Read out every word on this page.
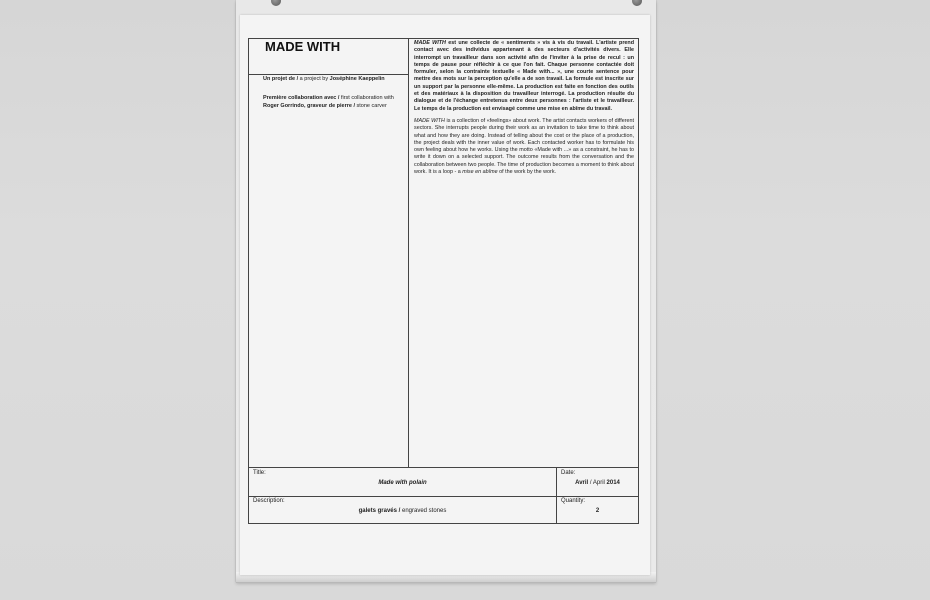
MADE WITH
Un projet de / a project by Joséphine Kaeppelin
Première collaboration avec / first collaboration with
Roger Gorrindo, graveur de pierre / stone carver

MADE WITH est une collecte de « sentiments » vis à vis du travail. L'artiste prend contact avec des individus appartenant à des secteurs d'activités divers. Elle interrompt un travailleur dans son activité afin de l'inviter à la prise de recul : un temps de pause pour réfléchir à ce que l'on fait. Chaque personne contactée doit formuler, selon la contrainte textuelle « Made with... », une courte sentence pour mettre des mots sur la perception qu'elle a de son travail. La formule est inscrite sur un support par la personne elle-même. La production est faite en fonction des outils et des matériaux à la disposition du travailleur interrogé. La production résulte du dialogue et de l'échange entretenus entre deux personnes : l'artiste et le travailleur. Le temps de la production est envisagé comme une mise en abîme du travail.

MADE WITH is a collection of «feelings» about work. The artist contacts workers of different sectors. She interrupts people during their work as an invitation to take time to think about what and how they are doing. Instead of telling about the cost or the place of a production, the project deals with the inner value of work. Each contacted worker has to formulate his own feeling about how he works. Using the motto «Made with ...» as a constraint, he has to write it down on a selected support. The outcome results from the conversation and the collaboration between two people. The time of production becomes a moment to think about work. It is a loop - a mise en abîme of the work by the work.

Title:
Made with polain
Date:
Avril / April 2014
Description:
galets gravés / engraved stones
Quantity:
2
